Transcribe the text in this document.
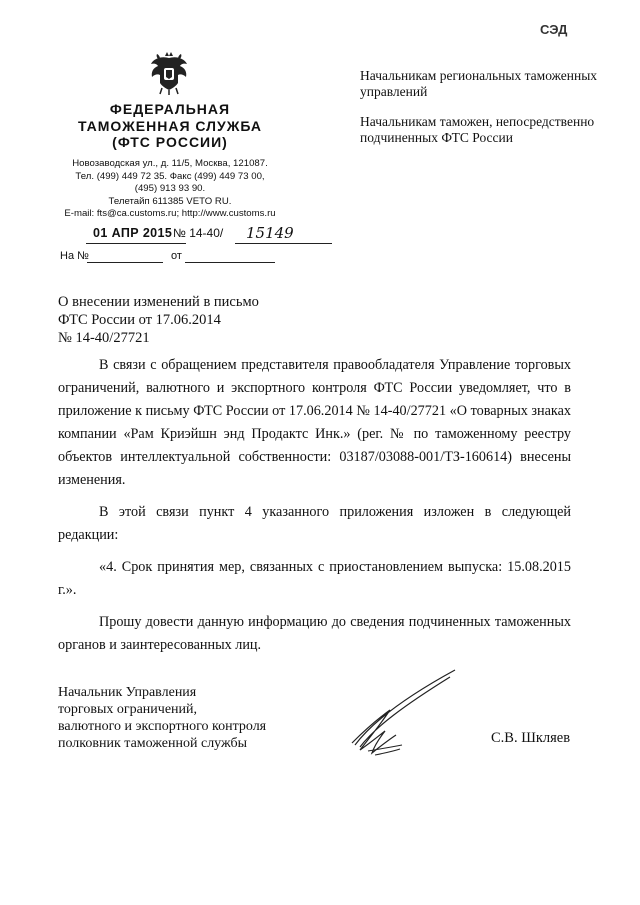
СЭД
ФЕДЕРАЛЬНАЯ
ТАМОЖЕННАЯ СЛУЖБА
(ФТС РОССИИ)
Новозаводская ул., д. 11/5, Москва, 121087.
Тел. (499) 449 72 35. Факс (499) 449 73 00,
(495) 913 93 90.
Телетайп 611385 VETO RU.
E-mail: fts@ca.customs.ru; http://www.customs.ru
01 АПР 2015 № 14-40/ 15149
На №	от

Начальникам региональных таможенных управлений

Начальникам таможен, непосредственно подчиненных ФТС России

О внесении изменений в письмо
ФТС России от 17.06.2014
№ 14-40/27721

В связи с обращением представителя правообладателя Управление торговых ограничений, валютного и экспортного контроля ФТС России уведомляет, что в приложение к письму ФТС России от 17.06.2014 № 14-40/27721 «О товарных знаках компании «Рам Криэйшн энд Продактс Инк.» (рег. № по таможенному реестру объектов интеллектуальной собственности: 03187/03088-001/ТЗ-160614) внесены изменения.

В этой связи пункт 4 указанного приложения изложен в следующей редакции:

«4. Срок принятия мер, связанных с приостановлением выпуска: 15.08.2015 г.».

Прошу довести данную информацию до сведения подчиненных таможенных органов и заинтересованных лиц.

Начальник Управления
торговых ограничений,
валютного и экспортного контроля
полковник таможенной службы	С.В. Шкляев
